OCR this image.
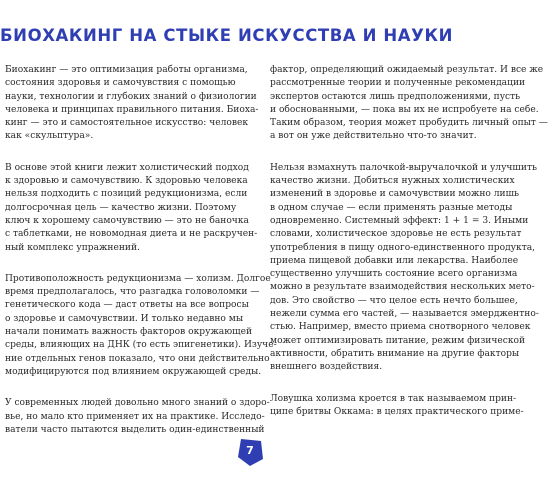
БИОХАКИНГ НА СТЫКЕ ИСКУССТВА И НАУКИ

Биохакинг — это оптимизация работы организма,
состояния здоровья и самочувствия с помощью
науки, технологии и глубоких знаний о физиологии
человека и принципах правильного питания. Биоха-
кинг — это и самостоятельное искусство: человек
как «скульптура».

В основе этой книги лежит холистический подход
к здоровью и самочувствию. К здоровью человека
нельзя подходить с позиций редукционизма, если
долгосрочная цель — качество жизни. Поэтому
ключ к хорошему самочувствию — это не баночка
с таблетками, не новомодная диета и не раскручен-
ный комплекс упражнений.

Противоположность редукционизма — холизм. Долгое
время предполагалось, что разгадка головоломки —
генетического кода — даст ответы на все вопросы
о здоровье и самочувствии. И только недавно мы
начали понимать важность факторов окружающей
среды, влияющих на ДНК (то есть эпигенетики). Изуче-
ние отдельных генов показало, что они действительно
модифицируются под влиянием окружающей среды.

У современных людей довольно много знаний о здоро-
вье, но мало кто применяет их на практике. Исследо-
ватели часто пытаются выделить один-единственный

фактор, определяющий ожидаемый результат. И все же
рассмотренные теории и полученные рекомендации
экспертов остаются лишь предположениями, пусть
и обоснованными, — пока вы их не испробуете на себе.
Таким образом, теория может пробудить личный опыт —
а вот он уже действительно что-то значит.

Нельзя взмахнуть палочкой-выручалочкой и улучшить
качество жизни. Добиться нужных холистических
изменений в здоровье и самочувствии можно лишь
в одном случае — если применять разные методы
одновременно. Системный эффект: 1 + 1 = 3. Иными
словами, холистическое здоровье не есть результат
употребления в пищу одного-единственного продукта,
приема пищевой добавки или лекарства. Наиболее
существенно улучшить состояние всего организма
можно в результате взаимодействия нескольких мето-
дов. Это свойство — что целое есть нечто большее,
нежели сумма его частей, — называется эмерджентно-
стью. Например, вместо приема снотворного человек
может оптимизировать питание, режим физической
активности, обратить внимание на другие факторы
внешнего воздействия.

Ловушка холизма кроется в так называемом прин-
ципе бритвы Оккама: в целях практического приме-

7
